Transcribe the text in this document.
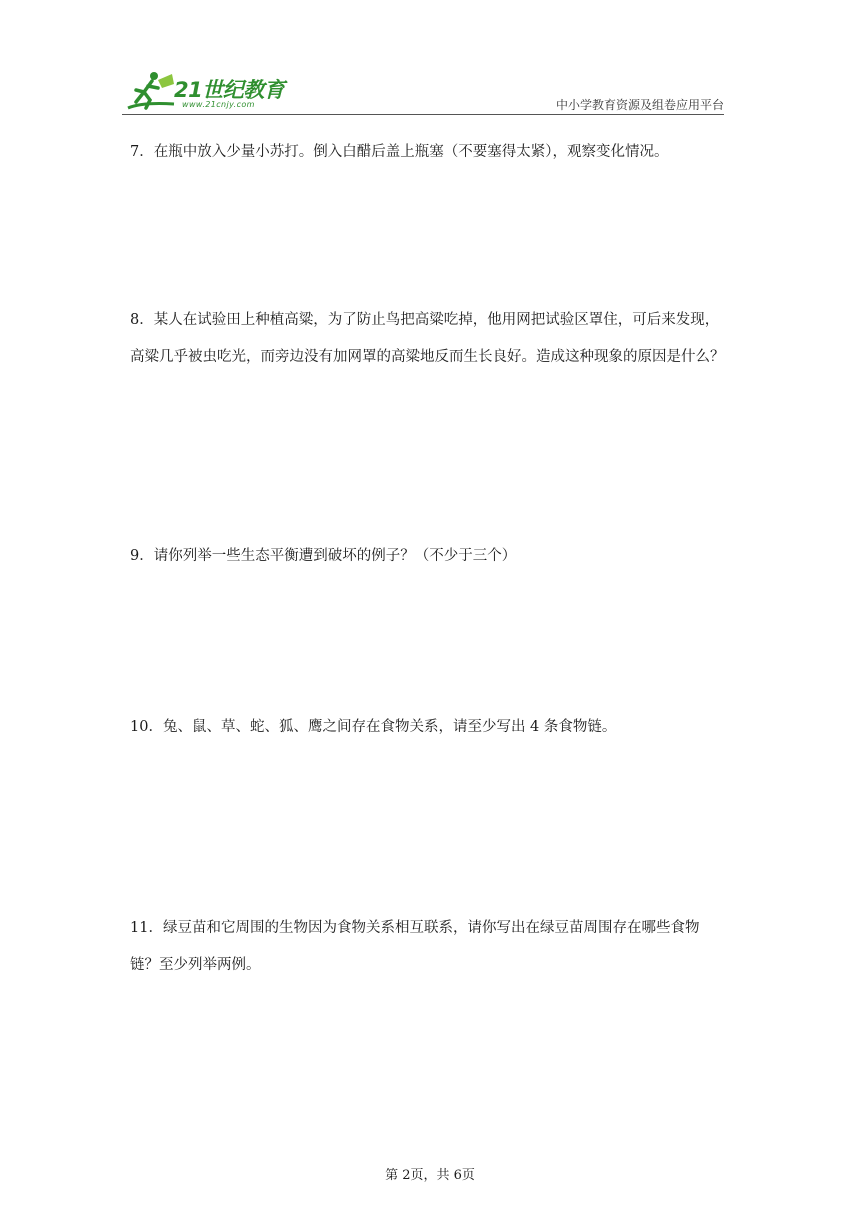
21世纪教育
www.21cnjy.com	中小学教育资源及组卷应用平台
7．在瓶中放入少量小苏打。倒入白醋后盖上瓶塞（不要塞得太紧），观察变化情况。
8．某人在试验田上种植高粱，为了防止鸟把高粱吃掉，他用网把试验区罩住，可后来发现，高粱几乎被虫吃光，而旁边没有加网罩的高粱地反而生长良好。造成这种现象的原因是什么？
9．请你列举一些生态平衡遭到破坏的例子？（不少于三个）
10．兔、鼠、草、蛇、狐、鹰之间存在食物关系，请至少写出 4 条食物链。
11．绿豆苗和它周围的生物因为食物关系相互联系，请你写出在绿豆苗周围存在哪些食物链？至少列举两例。
第 2页，共 6页
